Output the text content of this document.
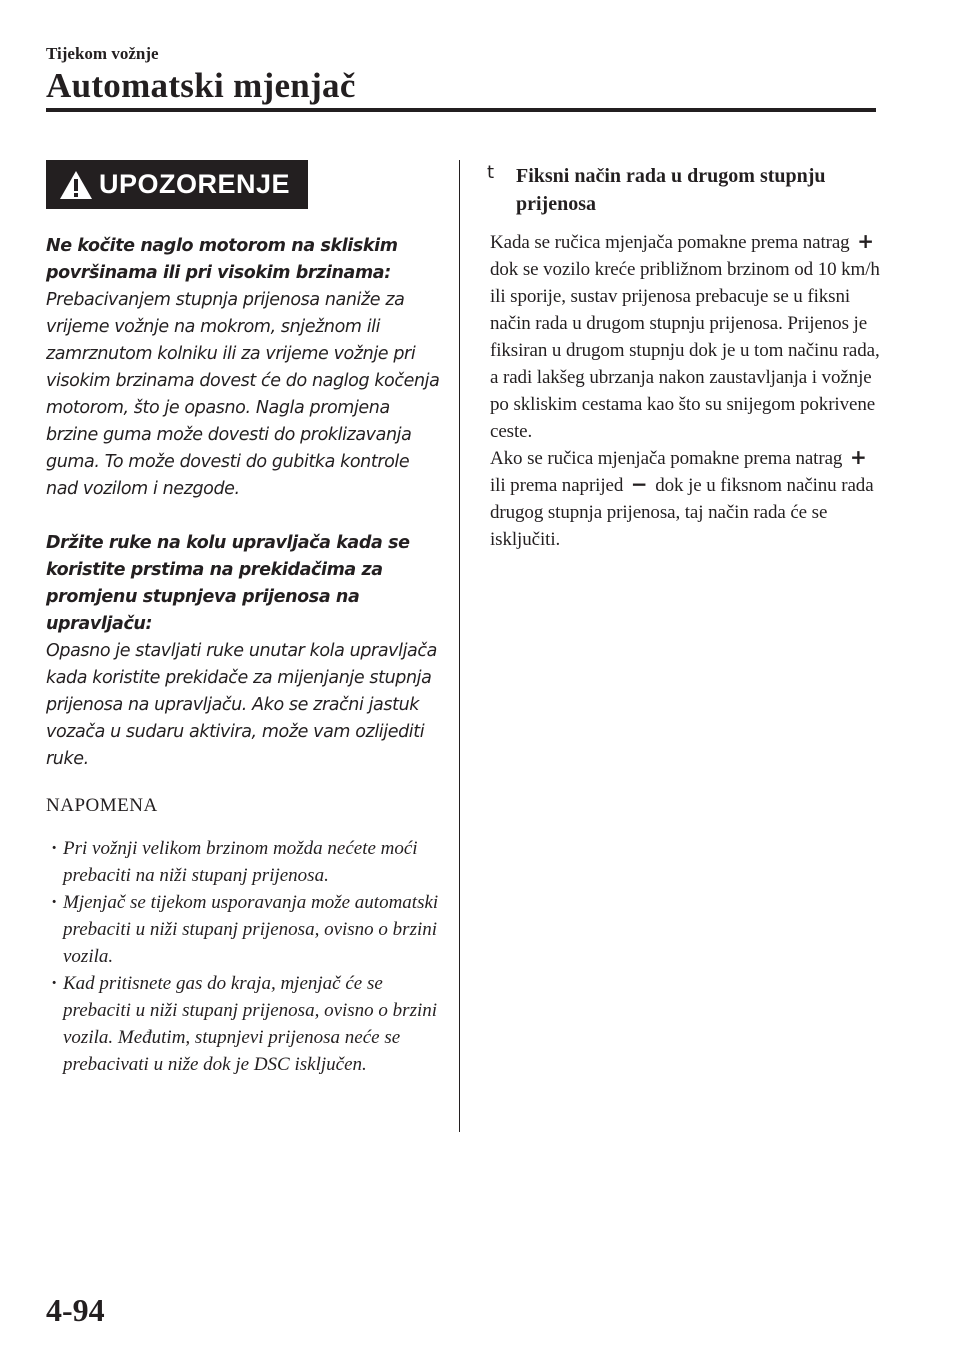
Tijekom vožnje
Automatski mjenjač
UPOZORENJE

Ne kočite naglo motorom na skliskim površinama ili pri visokim brzinama:

Prebacivanjem stupnja prijenosa naniže za vrijeme vožnje na mokrom, snježnom ili zamrznutom kolniku ili za vrijeme vožnje pri visokim brzinama dovest će do naglog kočenja motorom, što je opasno. Nagla promjena brzine guma može dovesti do proklizavanja guma. To može dovesti do gubitka kontrole nad vozilom i nezgode.

Držite ruke na kolu upravljača kada se koristite prstima na prekidačima za promjenu stupnjeva prijenosa na upravljaču:

Opasno je stavljati ruke unutar kola upravljača kada koristite prekidače za mijenjanje stupnja prijenosa na upravljaču. Ako se zračni jastuk vozača u sudaru aktivira, može vam ozlijediti ruke.

NAPOMENA
· Pri vožnji velikom brzinom možda nećete moći prebaciti na niži stupanj prijenosa.
· Mjenjač se tijekom usporavanja može automatski prebaciti u niži stupanj prijenosa, ovisno o brzini vozila.
· Kad pritisnete gas do kraja, mjenjač će se prebaciti u niži stupanj prijenosa, ovisno o brzini vozila. Međutim, stupnjevi prijenosa neće se prebacivati u niže dok je DSC isključen.
t Fiksni način rada u drugom stupnju prijenosa

Kada se ručica mjenjača pomakne prema natrag + dok se vozilo kreće približnom brzinom od 10 km/h ili sporije, sustav prijenosa prebacuje se u fiksni način rada u drugom stupnju prijenosa. Prijenos je fiksiran u drugom stupnju dok je u tom načinu rada, a radi lakšeg ubrzanja nakon zaustavljanja i vožnje po skliskim cestama kao što su snijegom pokrivene ceste.
Ako se ručica mjenjača pomakne prema natrag + ili prema naprijed − dok je u fiksnom načinu rada drugog stupnja prijenosa, taj način rada će se isključiti.

4-94
